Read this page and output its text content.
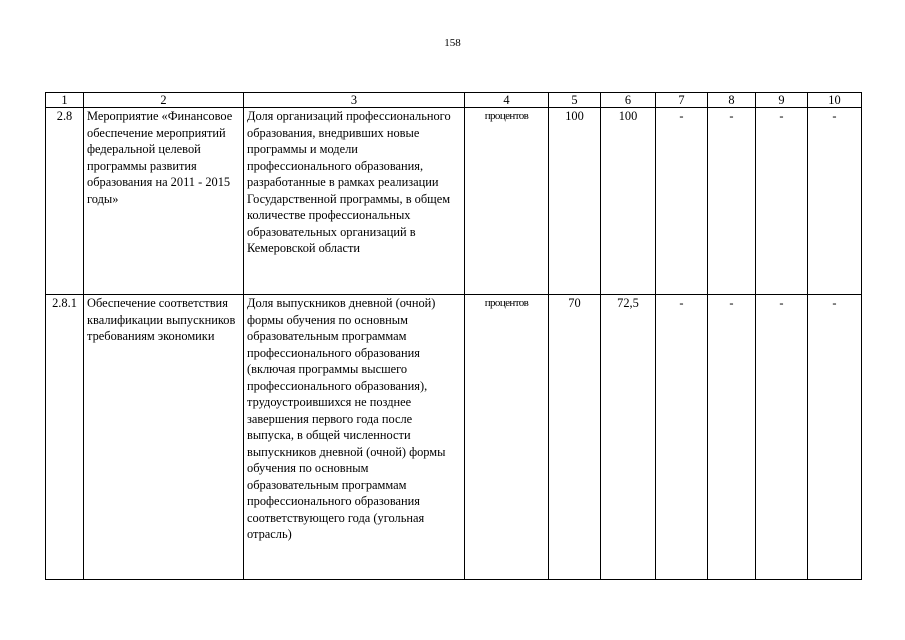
158
1	2	3	4	5	6	7	8	9	10
2.8	Мероприятие «Финансовое обеспечение мероприятий федеральной целевой программы развития образования на 2011 - 2015 годы»	Доля организаций профессионального образования, внедривших новые программы и модели профессионального образования, разработанные в рамках реализации Государственной программы, в общем количестве профессиональных образовательных организаций в Кемеровской области	процентов	100	100	-	-	-	-
2.8.1	Обеспечение соответствия квалификации выпускников требованиям экономики	Доля выпускников дневной (очной) формы обучения по основным образовательным программам профессионального образования (включая программы высшего профессионального образования), трудоустроившихся не позднее завершения первого года после выпуска, в общей численности выпускников дневной (очной) формы обучения по основным образовательным программам профессионального образования соответствующего года (угольная отрасль)	процентов	70	72,5	-	-	-	-
